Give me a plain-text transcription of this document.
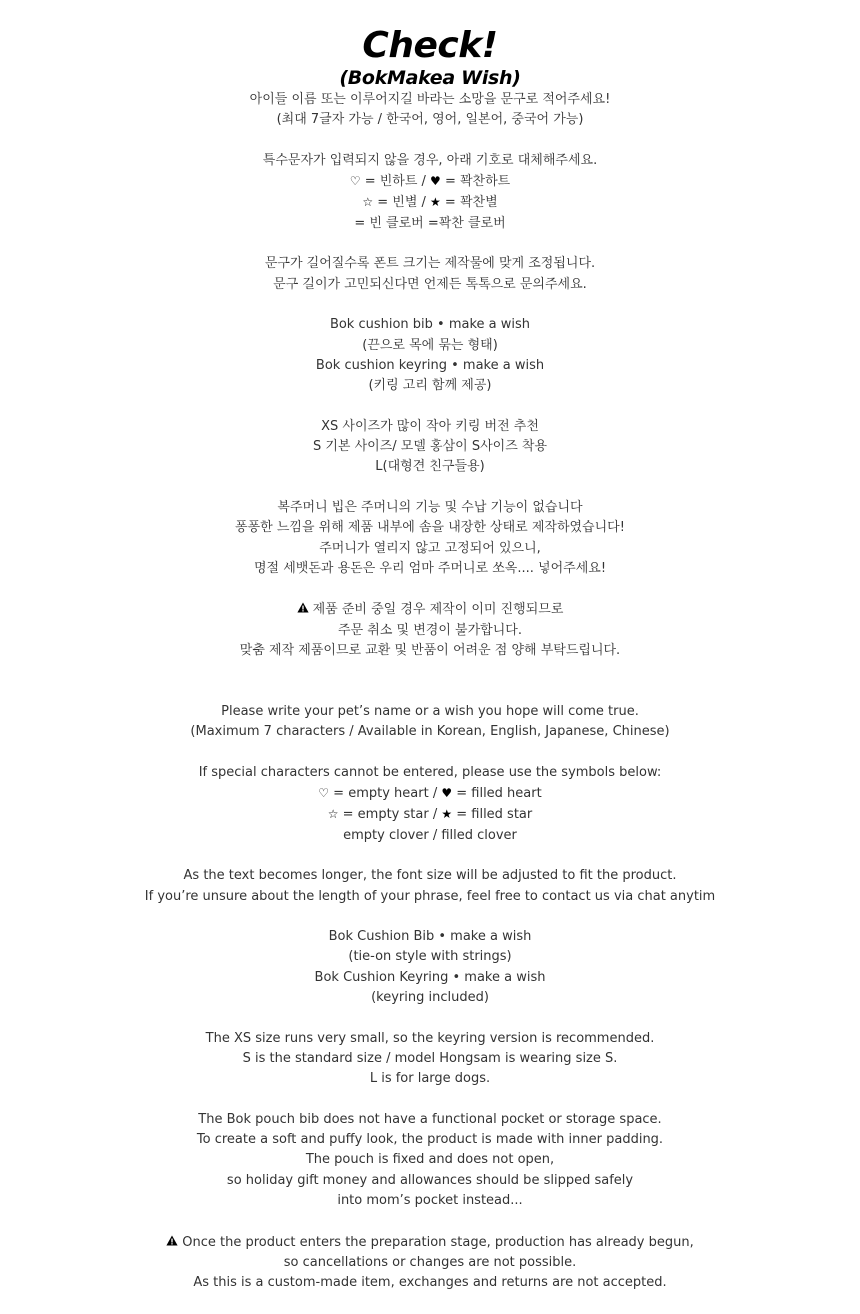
Check!
(BokMakea Wish)
아이들 이름 또는 이루어지길 바라는 소망을 문구로 적어주세요!
(최대 7글자 가능 / 한국어, 영어, 일본어, 중국어 가능)
특수문자가 입력되지 않을 경우, 아래 기호로 대체해주세요.
♡ = 빈하트 / ♥ = 꽉찬하트
☆ = 빈별 / ★ = 꽉찬별
= 빈 클로버 =꽉찬 클로버
문구가 길어질수록 폰트 크기는 제작물에 맞게 조정됩니다.
문구 길이가 고민되신다면 언제든 톡톡으로 문의주세요.
Bok cushion bib • make a wish
(끈으로 목에 묶는 형태)
Bok cushion keyring • make a wish
(키링 고리 함께 제공)
XS 사이즈가 많이 작아 키링 버전 추천
S 기본 사이즈/ 모델 홍삼이 S사이즈 착용
L(대형견 친구들용)
복주머니 빕은 주머니의 기능 및 수납 기능이 없습니다
퐁퐁한 느낌을 위해 제품 내부에 솜을 내장한 상태로 제작하였습니다!
주머니가 열리지 않고 고정되어 있으니,
명절 세뱃돈과 용돈은 우리 엄마 주머니로 쏘옥.... 넣어주세요!
제품 준비 중일 경우 제작이 이미 진행되므로
주문 취소 및 변경이 불가합니다.
맞춤 제작 제품이므로 교환 및 반품이 어려운 점 양해 부탁드립니다.
Please write your pet’s name or a wish you hope will come true.
(Maximum 7 characters / Available in Korean, English, Japanese, Chinese)
If special characters cannot be entered, please use the symbols below:
♡ = empty heart / ♥ = filled heart
☆ = empty star / ★ = filled star
empty clover / filled clover
As the text becomes longer, the font size will be adjusted to fit the product.
If you’re unsure about the length of your phrase, feel free to contact us via chat anytim
Bok Cushion Bib • make a wish
(tie-on style with strings)
Bok Cushion Keyring • make a wish
(keyring included)
The XS size runs very small, so the keyring version is recommended.
S is the standard size / model Hongsam is wearing size S.
L is for large dogs.
The Bok pouch bib does not have a functional pocket or storage space.
To create a soft and puffy look, the product is made with inner padding.
The pouch is fixed and does not open,
so holiday gift money and allowances should be slipped safely
into mom’s pocket instead...
Once the product enters the preparation stage, production has already begun,
so cancellations or changes are not possible.
As this is a custom-made item, exchanges and returns are not accepted.
